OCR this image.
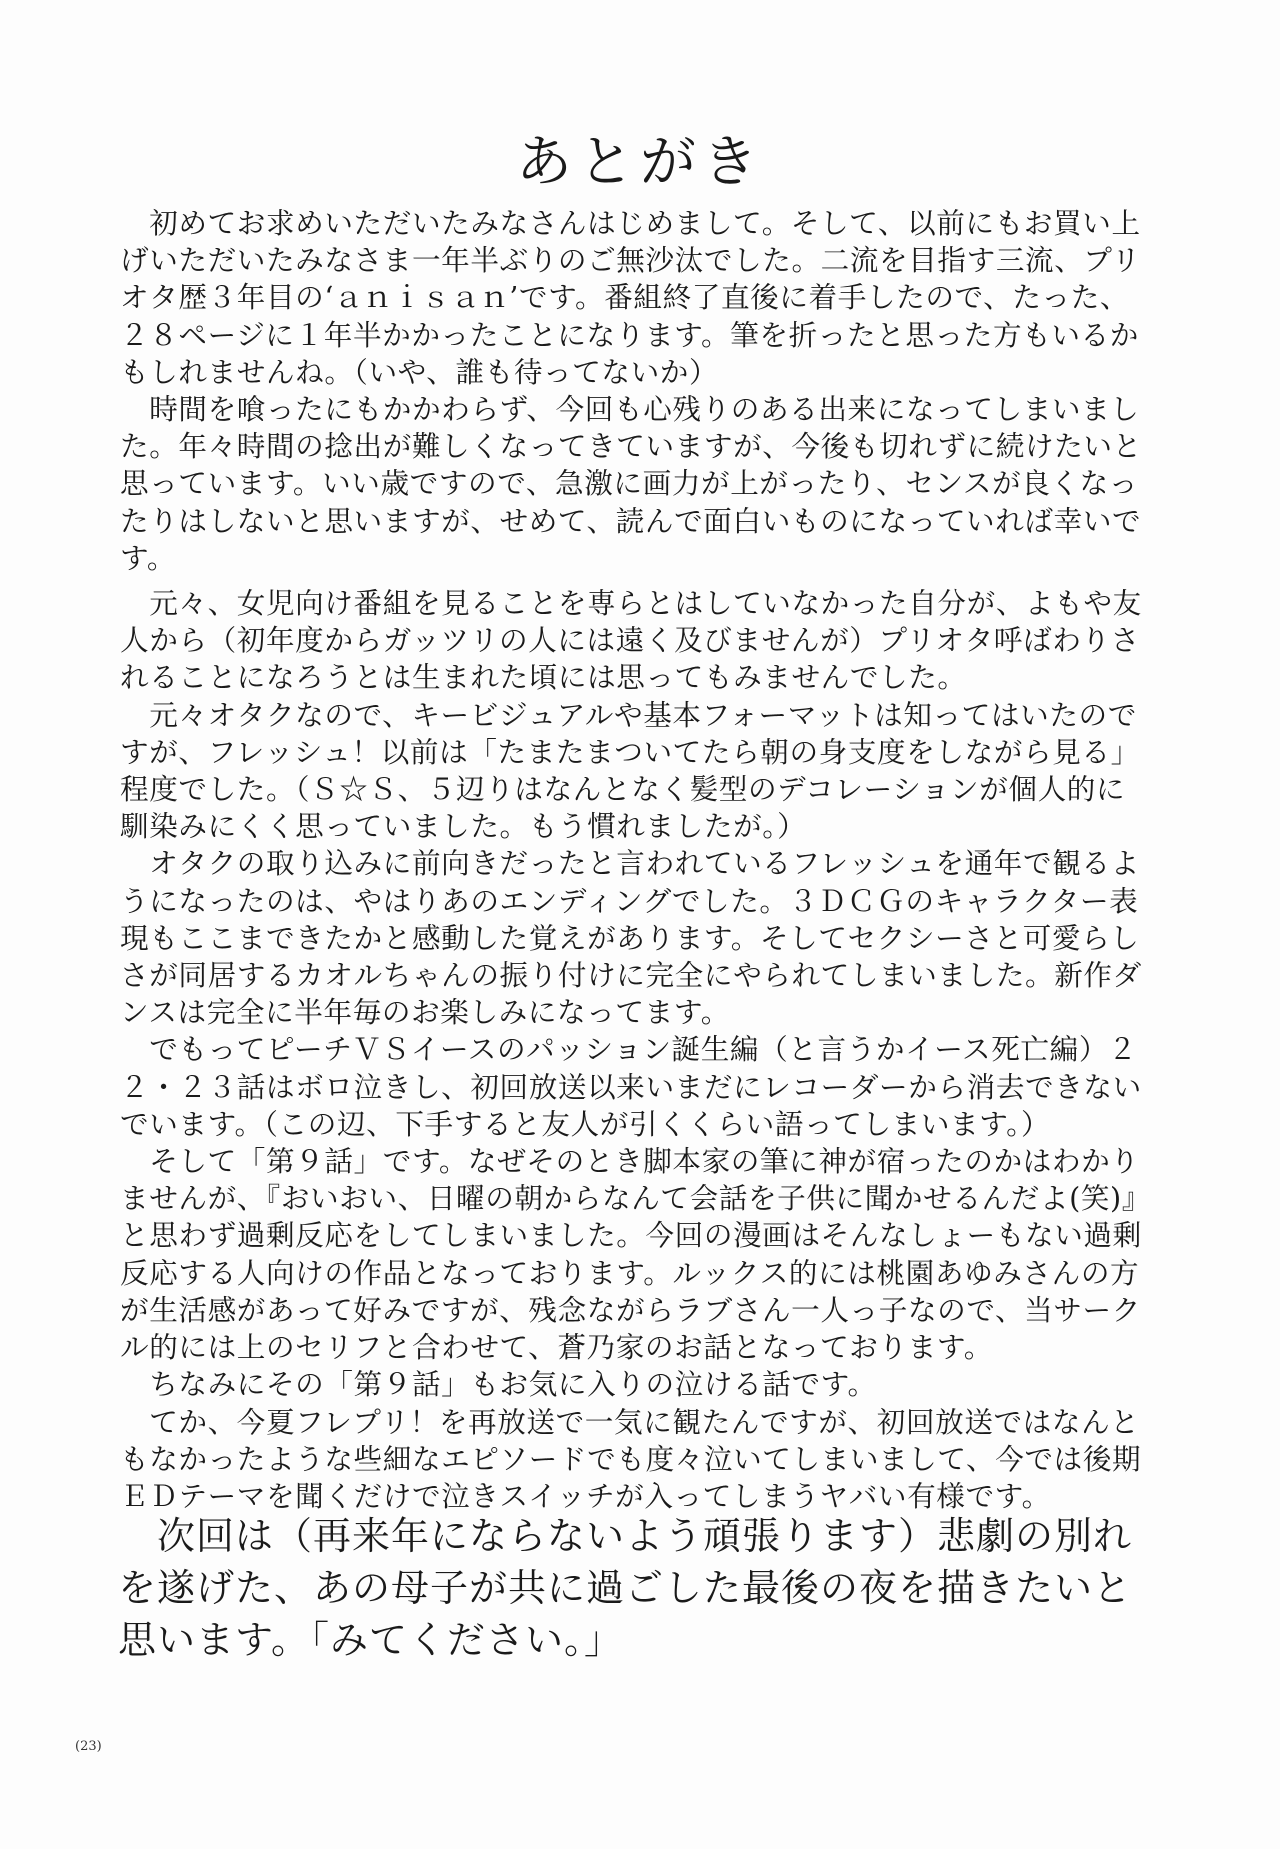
あとがき

　初めてお求めいただいたみなさんはじめまして。そして、以前にもお買い上

げいただいたみなさま一年半ぶりのご無沙汰でした。二流を目指す三流、プリ

オタ歴３年目の‘ａｎｉｓａｎ’です。番組終了直後に着手したので、たった、

２８ページに１年半かかったことになります。筆を折ったと思った方もいるか

もしれませんね。（いや、誰も待ってないか）

　時間を喰ったにもかかわらず、今回も心残りのある出来になってしまいまし

た。年々時間の捻出が難しくなってきていますが、今後も切れずに続けたいと

思っています。いい歳ですので、急激に画力が上がったり、センスが良くなっ

たりはしないと思いますが、せめて、読んで面白いものになっていれば幸いで

す。

　元々、女児向け番組を見ることを専らとはしていなかった自分が、よもや友

人から（初年度からガッツリの人には遠く及びませんが）プリオタ呼ばわりさ

れることになろうとは生まれた頃には思ってもみませんでした。

　元々オタクなので、キービジュアルや基本フォーマットは知ってはいたので

すが、フレッシュ！以前は「たまたまついてたら朝の身支度をしながら見る」

程度でした。（Ｓ☆Ｓ、５辺りはなんとなく髪型のデコレーションが個人的に

馴染みにくく思っていました。もう慣れましたが。）

　オタクの取り込みに前向きだったと言われているフレッシュを通年で観るよ

うになったのは、やはりあのエンディングでした。３ＤＣＧのキャラクター表

現もここまできたかと感動した覚えがあります。そしてセクシーさと可愛らし

さが同居するカオルちゃんの振り付けに完全にやられてしまいました。新作ダ

ンスは完全に半年毎のお楽しみになってます。

　でもってピーチＶＳイースのパッション誕生編（と言うかイース死亡編）２

２・２３話はボロ泣きし、初回放送以来いまだにレコーダーから消去できない

でいます。（この辺、下手すると友人が引くくらい語ってしまいます。）

　そして「第９話」です。なぜそのとき脚本家の筆に神が宿ったのかはわかり

ませんが、『おいおい、日曜の朝からなんて会話を子供に聞かせるんだよ(笑)』

と思わず過剰反応をしてしまいました。今回の漫画はそんなしょーもない過剰

反応する人向けの作品となっております。ルックス的には桃園あゆみさんの方

が生活感があって好みですが、残念ながらラブさん一人っ子なので、当サーク

ル的には上のセリフと合わせて、蒼乃家のお話となっております。

　ちなみにその「第９話」もお気に入りの泣ける話です。

　てか、今夏フレプリ！を再放送で一気に観たんですが、初回放送ではなんと

もなかったような些細なエピソードでも度々泣いてしまいまして、今では後期

ＥＤテーマを聞くだけで泣きスイッチが入ってしまうヤバい有様です。

　次回は（再来年にならないよう頑張ります）悲劇の別れ

を遂げた、あの母子が共に過ごした最後の夜を描きたいと

思います。「みてください。」

(23)
